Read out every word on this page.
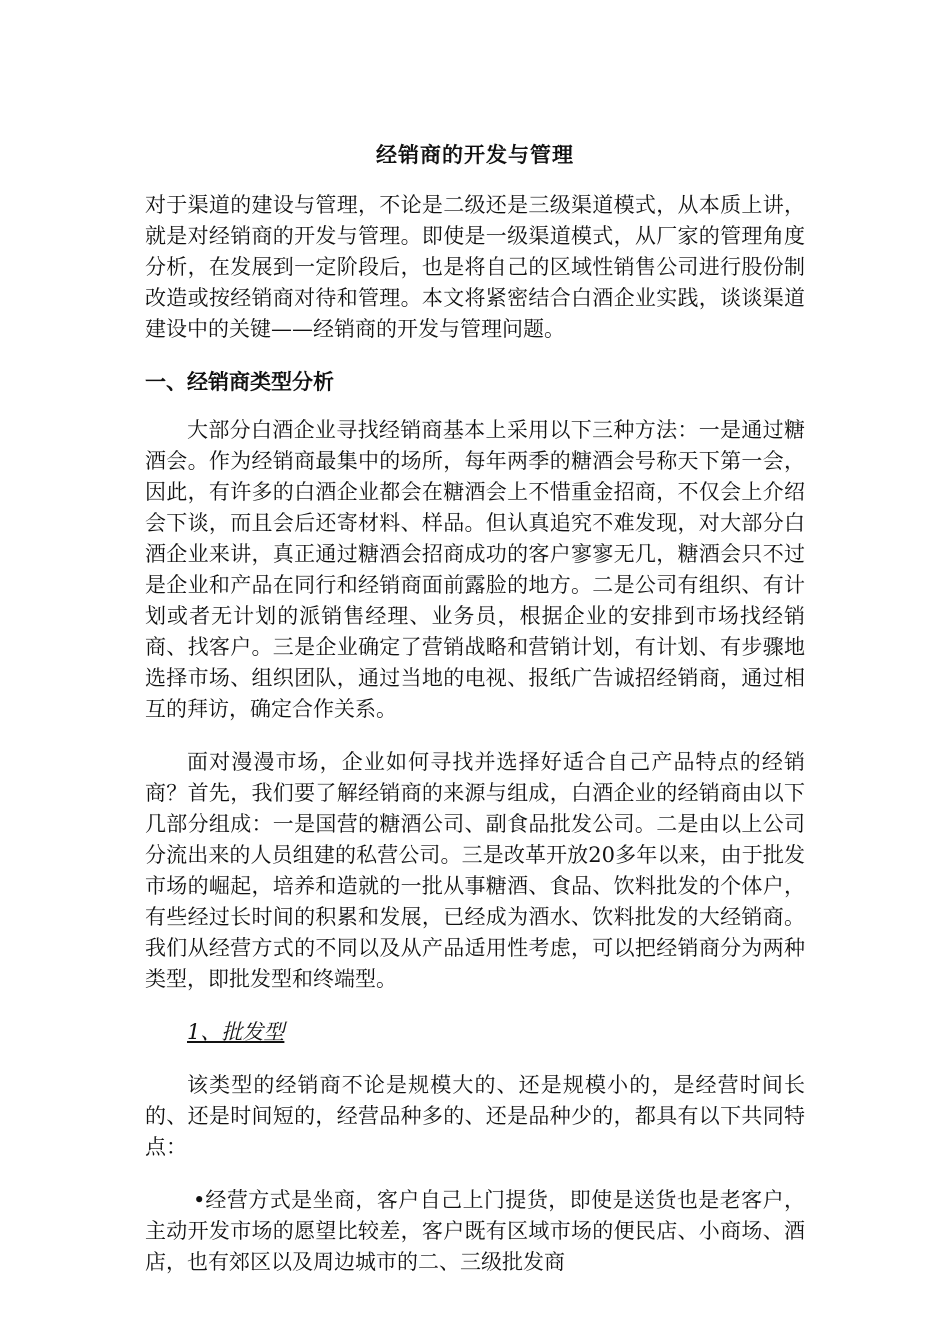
经销商的开发与管理

对于渠道的建设与管理，不论是二级还是三级渠道模式，从本质上讲，就是对经销商的开发与管理。即使是一级渠道模式，从厂家的管理角度分析，在发展到一定阶段后，也是将自己的区域性销售公司进行股份制改造或按经销商对待和管理。本文将紧密结合白酒企业实践，谈谈渠道建设中的关键——经销商的开发与管理问题。

一、经销商类型分析

大部分白酒企业寻找经销商基本上采用以下三种方法：一是通过糖酒会。作为经销商最集中的场所，每年两季的糖酒会号称天下第一会，因此，有许多的白酒企业都会在糖酒会上不惜重金招商，不仅会上介绍会下谈，而且会后还寄材料、样品。但认真追究不难发现，对大部分白酒企业来讲，真正通过糖酒会招商成功的客户寥寥无几，糖酒会只不过是企业和产品在同行和经销商面前露脸的地方。二是公司有组织、有计划或者无计划的派销售经理、业务员，根据企业的安排到市场找经销商、找客户。三是企业确定了营销战略和营销计划，有计划、有步骤地选择市场、组织团队，通过当地的电视、报纸广告诚招经销商，通过相互的拜访，确定合作关系。

面对漫漫市场，企业如何寻找并选择好适合自己产品特点的经销商？首先，我们要了解经销商的来源与组成，白酒企业的经销商由以下几部分组成：一是国营的糖酒公司、副食品批发公司。二是由以上公司分流出来的人员组建的私营公司。三是改革开放20多年以来，由于批发市场的崛起，培养和造就的一批从事糖酒、食品、饮料批发的个体户，有些经过长时间的积累和发展，已经成为酒水、饮料批发的大经销商。我们从经营方式的不同以及从产品适用性考虑，可以把经销商分为两种类型，即批发型和终端型。

1、批发型

该类型的经销商不论是规模大的、还是规模小的，是经营时间长的、还是时间短的，经营品种多的、还是品种少的，都具有以下共同特点：

•经营方式是坐商，客户自己上门提货，即使是送货也是老客户，主动开发市场的愿望比较差，客户既有区域市场的便民店、小商场、酒店，也有郊区以及周边城市的二、三级批发商
